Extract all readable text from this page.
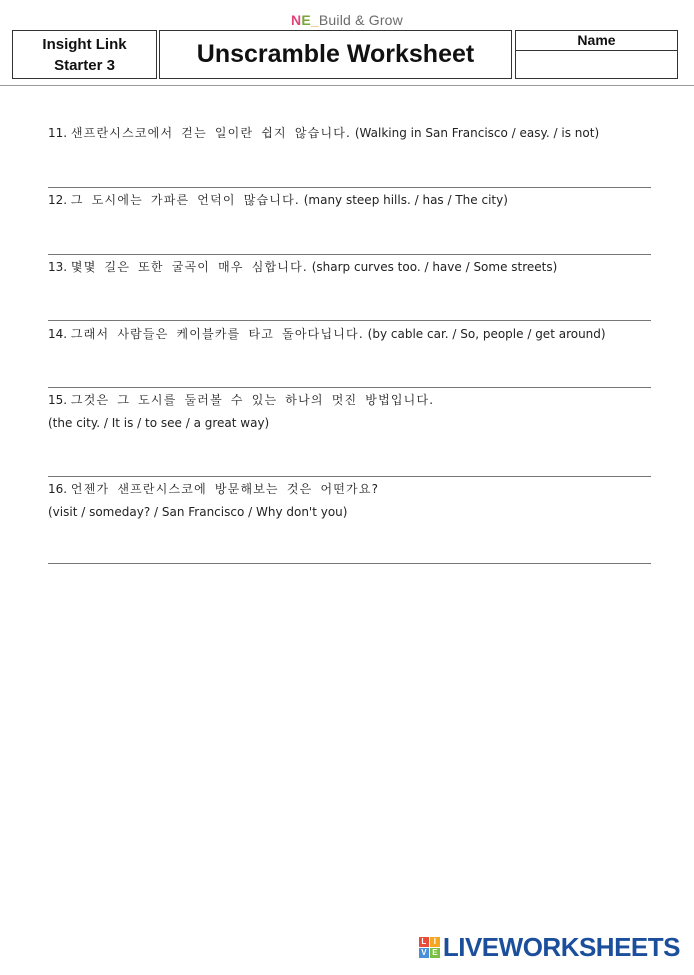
NE_Build & Grow
Insight Link
Starter 3	Unscramble Worksheet	Name
11. 샌프란시스코에서 걷는 일이란 쉽지 않습니다. (Walking in San Francisco / easy. / is not)
12. 그 도시에는 가파른 언덕이 많습니다. (many steep hills. / has / The city)
13. 몇몇 길은 또한 굴곡이 매우 심합니다. (sharp curves too. / have / Some streets)
14. 그래서 사람들은 케이블카를 타고 돌아다닙니다. (by cable car. / So, people / get around)
15. 그것은 그 도시를 둘러볼 수 있는 하나의 멋진 방법입니다.
(the city. / It is / to see / a great way)
16. 언젠가 샌프란시스코에 방문해보는 것은 어떤가요?
(visit / someday? / San Francisco / Why don't you)
L I
V E LIVEWORKSHEETS
